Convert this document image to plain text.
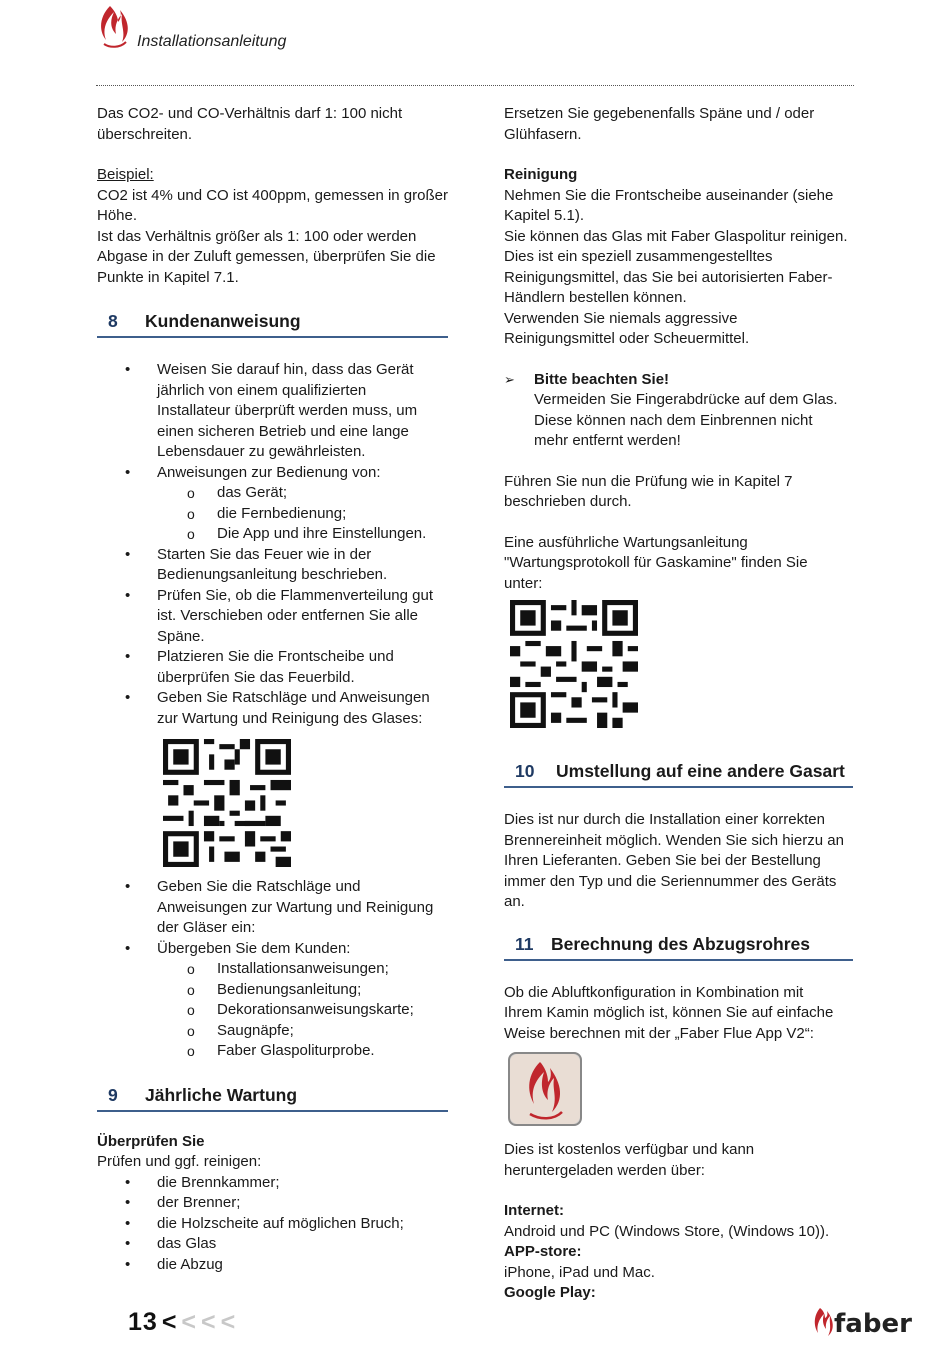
Installationsanleitung

Das CO2- und CO-Verhältnis darf 1: 100 nicht

überschreiten.

Beispiel:

CO2 ist 4% und CO ist 400ppm, gemessen in großer

Höhe.

Ist das Verhältnis größer als 1: 100 oder werden

Abgase in der Zuluft gemessen, überprüfen Sie die

Punkte in Kapitel 7.1.

8 Kundenanweisung
• Weisen Sie darauf hin, dass das Gerät
jährlich von einem qualifizierten
Installateur überprüft werden muss, um
einen sicheren Betrieb und eine lange
Lebensdauer zu gewährleisten.
• Anweisungen zur Bedienung von:
o das Gerät;
o die Fernbedienung;
o Die App und ihre Einstellungen.
• Starten Sie das Feuer wie in der
Bedienungsanleitung beschrieben.
• Prüfen Sie, ob die Flammenverteilung gut
ist. Verschieben oder entfernen Sie alle
Späne.
• Platzieren Sie die Frontscheibe und
überprüfen Sie das Feuerbild.
• Geben Sie Ratschläge und Anweisungen
zur Wartung und Reinigung des Glases:
• Geben Sie die Ratschläge und
Anweisungen zur Wartung und Reinigung
der Gläser ein:
• Übergeben Sie dem Kunden:
o Installationsanweisungen;
o Bedienungsanleitung;
o Dekorationsanweisungskarte;
o Saugnäpfe;
o Faber Glaspoliturprobe.
9 Jährliche Wartung

Überprüfen Sie

Prüfen und ggf. reinigen:

• die Brennkammer;
• der Brenner;
• die Holzscheite auf möglichen Bruch;
• das Glas
• die Abzug

Ersetzen Sie gegebenenfalls Späne und / oder

Glühfasern.

Reinigung

Nehmen Sie die Frontscheibe auseinander (siehe

Kapitel 5.1).

Sie können das Glas mit Faber Glaspolitur reinigen.

Dies ist ein speziell zusammengestelltes

Reinigungsmittel, das Sie bei autorisierten Faber-

Händlern bestellen können.

Verwenden Sie niemals aggressive

Reinigungsmittel oder Scheuermittel.

➢ Bitte beachten Sie!
Vermeiden Sie Fingerabdrücke auf dem Glas.
Diese können nach dem Einbrennen nicht
mehr entfernt werden!

Führen Sie nun die Prüfung wie in Kapitel 7

beschrieben durch.

Eine ausführliche Wartungsanleitung

"Wartungsprotokoll für Gaskamine" finden Sie

unter:

10 Umstellung auf eine andere Gasart

Dies ist nur durch die Installation einer korrekten

Brennereinheit möglich. Wenden Sie sich hierzu an

Ihren Lieferanten. Geben Sie bei der Bestellung

immer den Typ und die Seriennummer des Geräts

an.

11 Berechnung des Abzugsrohres

Ob die Abluftkonfiguration in Kombination mit

Ihrem Kamin möglich ist, können Sie auf einfache

Weise berechnen mit der „Faber Flue App V2“:

Dies ist kostenlos verfügbar und kann

heruntergeladen werden über:

Internet:

Android und PC (Windows Store, (Windows 10)).

APP-store:

iPhone, iPad und Mac.

Google Play:

13 < < < <	faber
